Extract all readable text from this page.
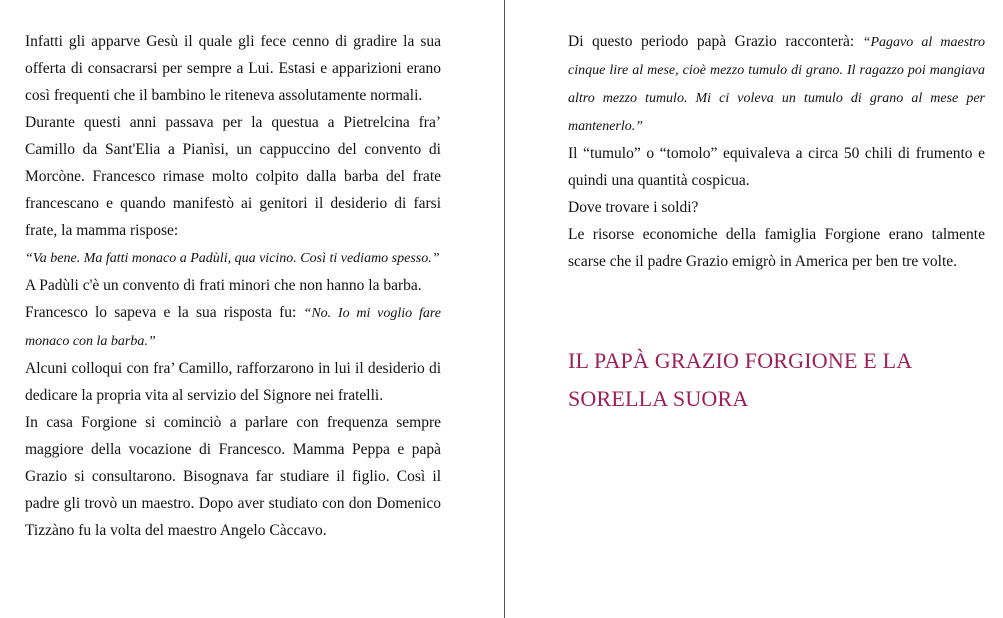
Infatti gli apparve Gesù il quale gli fece cenno di gradire la sua offerta di consacrarsi per sempre a Lui. Estasi e apparizioni erano così frequenti che il bambino le riteneva assolutamente normali.

Durante questi anni passava per la questua a Pietrelcina fra’ Camillo da Sant'Elia a Pianìsi, un cappuccino del convento di Morcòne. Francesco rimase molto colpito dalla barba del frate francescano e quando manifestò ai genitori il desiderio di farsi frate, la mamma rispose:

“Va bene. Ma fatti monaco a Padùli, qua vicino. Così ti vediamo spesso.”

A Padùli c'è un convento di frati minori che non hanno la barba.

Francesco lo sapeva e la sua risposta fu: “No. Io mi voglio fare monaco con la barba.”

Alcuni colloqui con fra’ Camillo, rafforzarono in lui il desiderio di dedicare la propria vita al servizio del Signore nei fratelli.

In casa Forgione si cominciò a parlare con frequenza sempre maggiore della vocazione di Francesco. Mamma Peppa e papà Grazio si consultarono. Bisognava far studiare il figlio. Così il padre gli trovò un maestro. Dopo aver studiato con don Domenico Tizzàno fu la volta del maestro Angelo Càccavo.

Di questo periodo papà Grazio racconterà: “Pagavo al maestro cinque lire al mese, cioè mezzo tumulo di grano. Il ragazzo poi mangiava altro mezzo tumulo. Mi ci voleva un tumulo di grano al mese per mantenerlo.”

Il “tumulo” o “tomolo” equivaleva a circa 50 chili di frumento e quindi una quantità cospicua.

Dove trovare i soldi?

Le risorse economiche della famiglia Forgione erano talmente scarse che il padre Grazio emigrò in America per ben tre volte.

IL PAPÀ GRAZIO FORGIONE E LA SORELLA SUORA
